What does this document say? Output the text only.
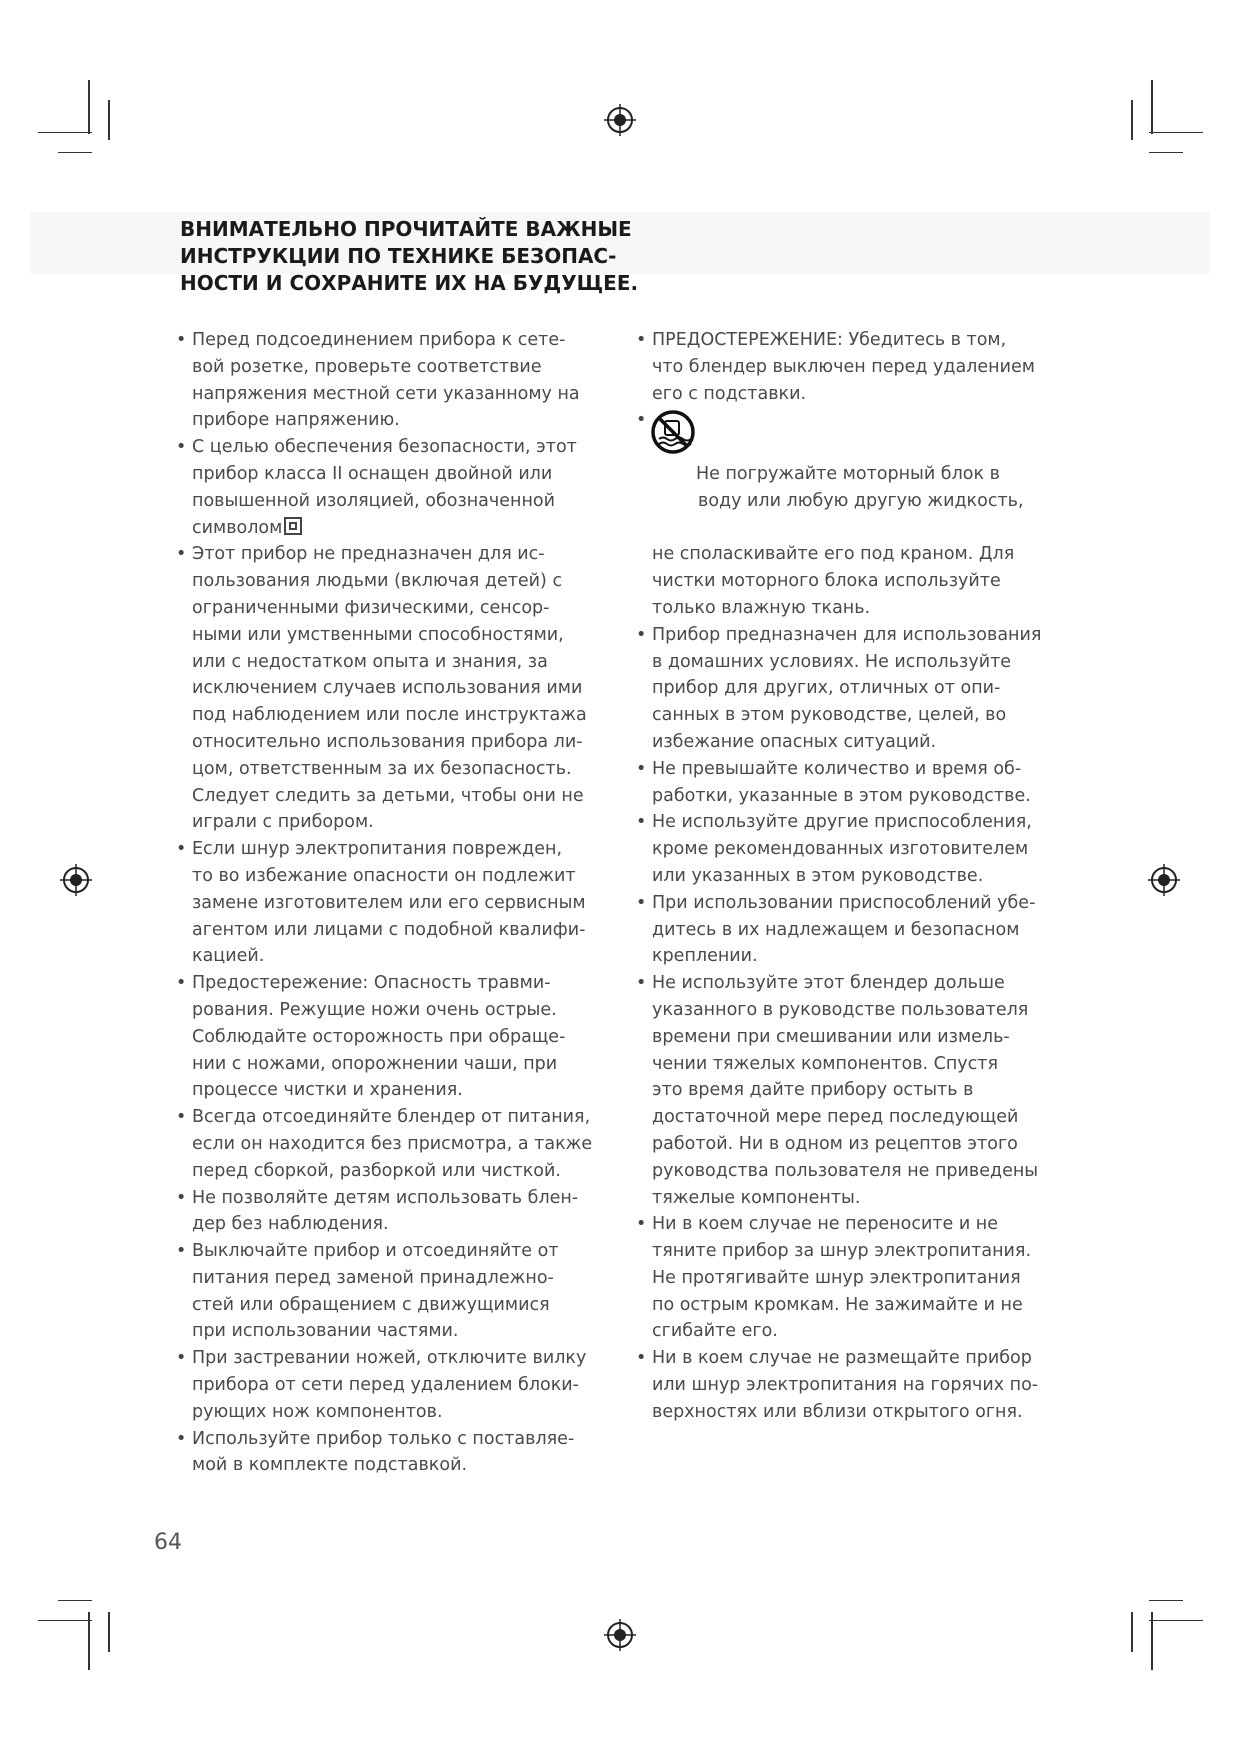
ВНИМАТЕЛЬНО ПРОЧИТАЙТЕ ВАЖНЫЕ
ИНСТРУКЦИИ ПО ТЕХНИКЕ БЕЗОПАС-
НОСТИ И СОХРАНИТЕ ИХ НА БУДУЩЕЕ.
• Перед подсоединением прибора к сете-
вой розетке, проверьте соответствие
напряжения местной сети указанному на
приборе напряжению.
• С целью обеспечения безопасности, этот
прибор класса II оснащен двойной или
повышенной изоляцией, обозначенной
символом
• Этот прибор не предназначен для ис-
пользования людьми (включая детей) с
ограниченными физическими, сенсор-
ными или умственными способностями,
или с недостатком опыта и знания, за
исключением случаев использования ими
под наблюдением или после инструктажа
относительно использования прибора ли-
цом, ответственным за их безопасность.
Следует следить за детьми, чтобы они не
играли с прибором.
• Если шнур электропитания поврежден,
то во избежание опасности он подлежит
замене изготовителем или его сервисным
агентом или лицами с подобной квалифи-
кацией.
• Предостережение: Опасность травми-
рования. Режущие ножи очень острые.
Соблюдайте осторожность при обраще-
нии с ножами, опорожнении чаши, при
процессе чистки и хранения.
• Всегда отсоединяйте блендер от питания,
если он находится без присмотра, а также
перед сборкой, разборкой или чисткой.
• Не позволяйте детям использовать блен-
дер без наблюдения.
• Выключайте прибор и отсоединяйте от
питания перед заменой принадлежно-
стей или обращением с движущимися
при использовании частями.
• При застревании ножей, отключите вилку
прибора от сети перед удалением блоки-
рующих нож компонентов.
• Используйте прибор только с поставляе-
мой в комплекте подставкой.
• ПРЕДОСТЕРЕЖЕНИЕ: Убедитесь в том,
что блендер выключен перед удалением
его с подставки.

• Не погружайте моторный блок в

воду или любую другую жидкость,

не споласкивайте его под краном. Для
чистки моторного блока используйте
только влажную ткань.

• Прибор предназначен для использования
в домашних условиях. Не используйте
прибор для других, отличных от опи-
санных в этом руководстве, целей, во
избежание опасных ситуаций.
• Не превышайте количество и время об-
работки, указанные в этом руководстве.
• Не используйте другие приспособления,
кроме рекомендованных изготовителем
или указанных в этом руководстве.
• При использовании приспособлений убе-
дитесь в их надлежащем и безопасном
креплении.
• Не используйте этот блендер дольше
указанного в руководстве пользователя
времени при смешивании или измель-
чении тяжелых компонентов. Спустя
это время дайте прибору остыть в
достаточной мере перед последующей
работой. Ни в одном из рецептов этого
руководства пользователя не приведены
тяжелые компоненты.
• Ни в коем случае не переносите и не
тяните прибор за шнур электропитания.
Не протягивайте шнур электропитания
по острым кромкам. Не зажимайте и не
сгибайте его.
• Ни в коем случае не размещайте прибор
или шнур электропитания на горячих по-
верхностях или вблизи открытого огня.
64
